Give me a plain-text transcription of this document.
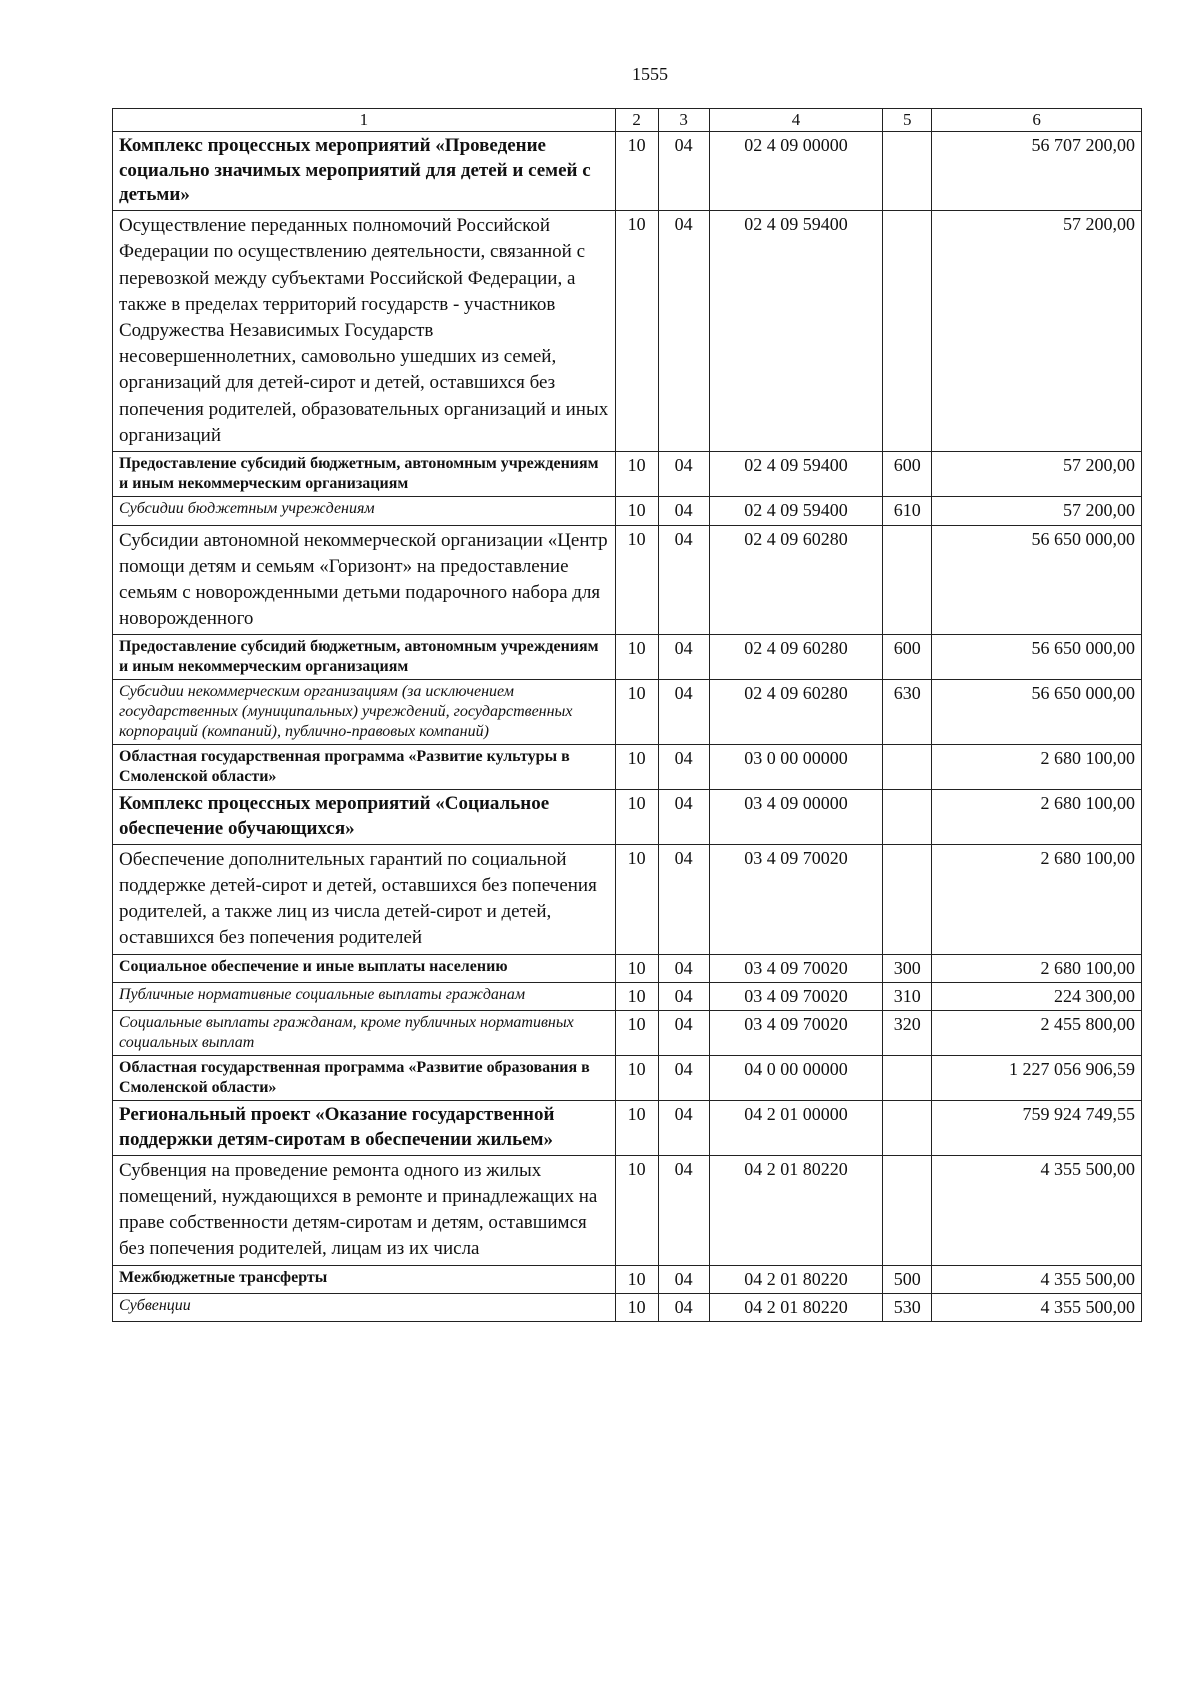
1555
1	2	3	4	5	6
Комплекс процессных мероприятий «Проведение социально значимых мероприятий для детей и семей с детьми»	10	04	02 4 09 00000		56 707 200,00
Осуществление переданных полномочий Российской Федерации по осуществлению деятельности, связанной с перевозкой между субъектами Российской Федерации, а также в пределах территорий государств - участников Содружества Независимых Государств несовершеннолетних, самовольно ушедших из семей, организаций для детей-сирот и детей, оставшихся без попечения родителей, образовательных организаций и иных организаций	10	04	02 4 09 59400		57 200,00
Предоставление субсидий бюджетным, автономным учреждениям и иным некоммерческим организациям	10	04	02 4 09 59400	600	57 200,00
Субсидии бюджетным учреждениям	10	04	02 4 09 59400	610	57 200,00
Субсидии автономной некоммерческой организации «Центр помощи детям и семьям «Горизонт» на предоставление семьям с новорожденными детьми подарочного набора для новорожденного	10	04	02 4 09 60280		56 650 000,00
Предоставление субсидий бюджетным, автономным учреждениям и иным некоммерческим организациям	10	04	02 4 09 60280	600	56 650 000,00
Субсидии некоммерческим организациям (за исключением государственных (муниципальных) учреждений, государственных корпораций (компаний), публично-правовых компаний)	10	04	02 4 09 60280	630	56 650 000,00
Областная государственная программа «Развитие культуры в Смоленской области»	10	04	03 0 00 00000		2 680 100,00
Комплекс процессных мероприятий «Социальное обеспечение обучающихся»	10	04	03 4 09 00000		2 680 100,00
Обеспечение дополнительных гарантий по социальной поддержке детей-сирот и детей, оставшихся без попечения родителей, а также лиц из числа детей-сирот и детей, оставшихся без попечения родителей	10	04	03 4 09 70020		2 680 100,00
Социальное обеспечение и иные выплаты населению	10	04	03 4 09 70020	300	2 680 100,00
Публичные нормативные социальные выплаты гражданам	10	04	03 4 09 70020	310	224 300,00
Социальные выплаты гражданам, кроме публичных нормативных социальных выплат	10	04	03 4 09 70020	320	2 455 800,00
Областная государственная программа «Развитие образования в Смоленской области»	10	04	04 0 00 00000		1 227 056 906,59
Региональный проект «Оказание государственной поддержки детям-сиротам в обеспечении жильем»	10	04	04 2 01 00000		759 924 749,55
Субвенция на проведение ремонта одного из жилых помещений, нуждающихся в ремонте и принадлежащих на праве собственности детям-сиротам и детям, оставшимся без попечения родителей, лицам из их числа	10	04	04 2 01 80220		4 355 500,00
Межбюджетные трансферты	10	04	04 2 01 80220	500	4 355 500,00
Субвенции	10	04	04 2 01 80220	530	4 355 500,00
